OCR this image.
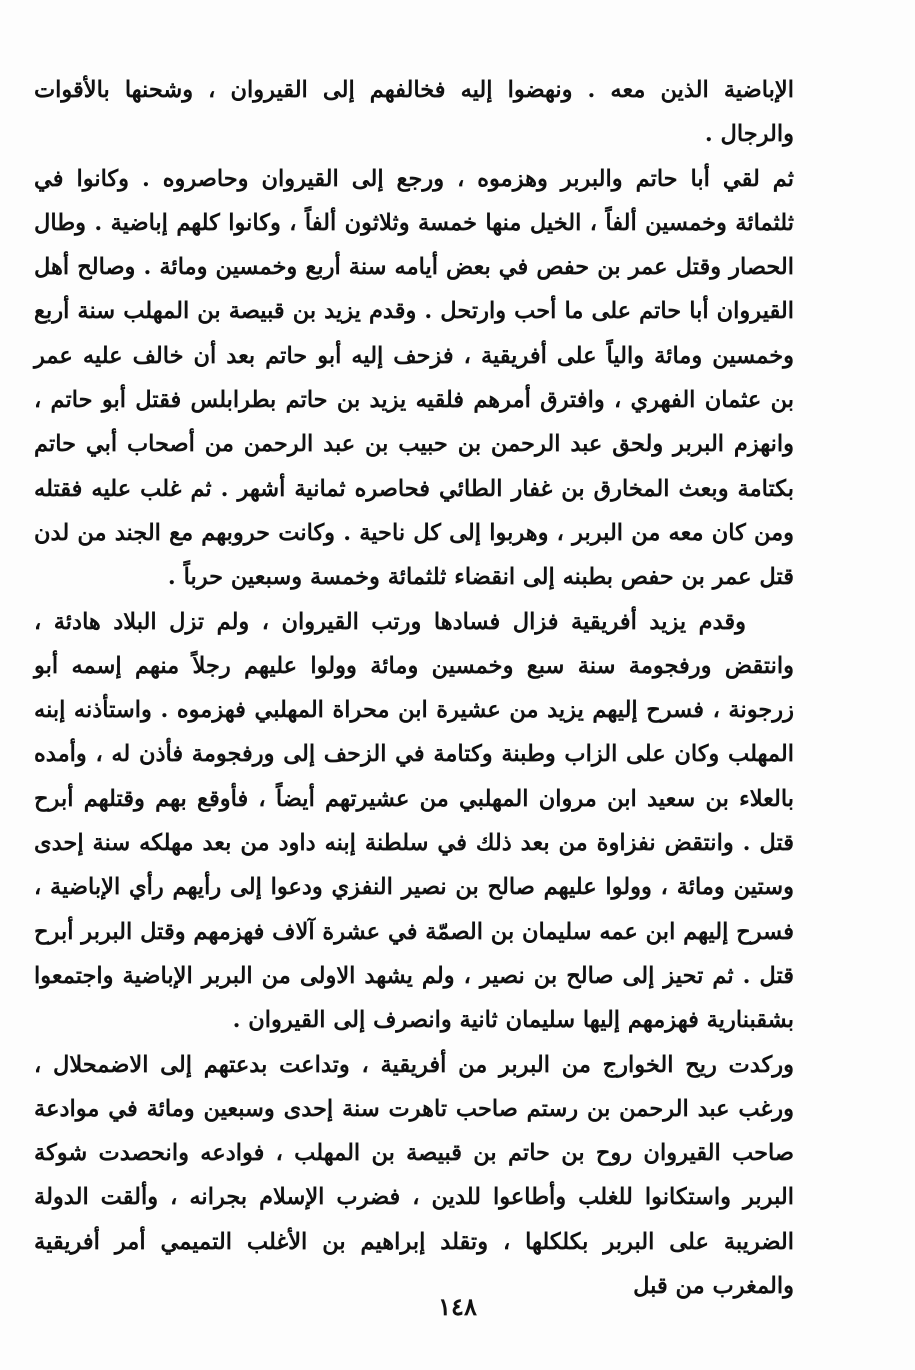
الإباضية الذين معه . ونهضوا إليه فخالفهم إلى القيروان ، وشحنها بالأقوات والرجال .

ثم لقي أبا حاتم والبربر وهزموه ، ورجع إلى القيروان وحاصروه . وكانوا في ثلثمائة وخمسين ألفاً ، الخيل منها خمسة وثلاثون ألفاً ، وكانوا كلهم إباضية . وطال الحصار وقتل عمر بن حفص في بعض أيامه سنة أربع وخمسين ومائة . وصالح أهل القيروان أبا حاتم على ما أحب وارتحل . وقدم يزيد بن قبيصة بن المهلب سنة أربع وخمسين ومائة والياً على أفريقية ، فزحف إليه أبو حاتم بعد أن خالف عليه عمر بن عثمان الفهري ، وافترق أمرهم فلقيه يزيد بن حاتم بطرابلس فقتل أبو حاتم ، وانهزم البربر ولحق عبد الرحمن بن حبيب بن عبد الرحمن من أصحاب أبي حاتم بكتامة وبعث المخارق بن غفار الطائي فحاصره ثمانية أشهر . ثم غلب عليه فقتله ومن كان معه من البربر ، وهربوا إلى كل ناحية . وكانت حروبهم مع الجند من لدن قتل عمر بن حفص بطبنه إلى انقضاء ثلثمائة وخمسة وسبعين حرباً .

وقدم يزيد أفريقية فزال فسادها ورتب القيروان ، ولم تزل البلاد هادئة ، وانتقض ورفجومة سنة سبع وخمسين ومائة وولوا عليهم رجلاً منهم إسمه أبو زرجونة ، فسرح إليهم يزيد من عشيرة ابن محراة المهلبي فهزموه . واستأذنه إبنه المهلب وكان على الزاب وطبنة وكتامة في الزحف إلى ورفجومة فأذن له ، وأمده بالعلاء بن سعيد ابن مروان المهلبي من عشيرتهم أيضاً ، فأوقع بهم وقتلهم أبرح قتل . وانتقض نفزاوة من بعد ذلك في سلطنة إبنه داود من بعد مهلكه سنة إحدى وستين ومائة ، وولوا عليهم صالح بن نصير النفزي ودعوا إلى رأيهم رأي الإباضية ، فسرح إليهم ابن عمه سليمان بن الصمّة في عشرة آلاف فهزمهم وقتل البربر أبرح قتل . ثم تحيز إلى صالح بن نصير ، ولم يشهد الاولى من البربر الإباضية واجتمعوا بشقبنارية فهزمهم إليها سليمان ثانية وانصرف إلى القيروان .

وركدت ريح الخوارج من البربر من أفريقية ، وتداعت بدعتهم إلى الاضمحلال ، ورغب عبد الرحمن بن رستم صاحب تاهرت سنة إحدى وسبعين ومائة في موادعة صاحب القيروان روح بن حاتم بن قبيصة بن المهلب ، فوادعه وانحصدت شوكة البربر واستكانوا للغلب وأطاعوا للدين ، فضرب الإسلام بجرانه ، وألقت الدولة الضريبة على البربر بكلكلها ، وتقلد إبراهيم بن الأغلب التميمي أمر أفريقية والمغرب من قبل

١٤٨
